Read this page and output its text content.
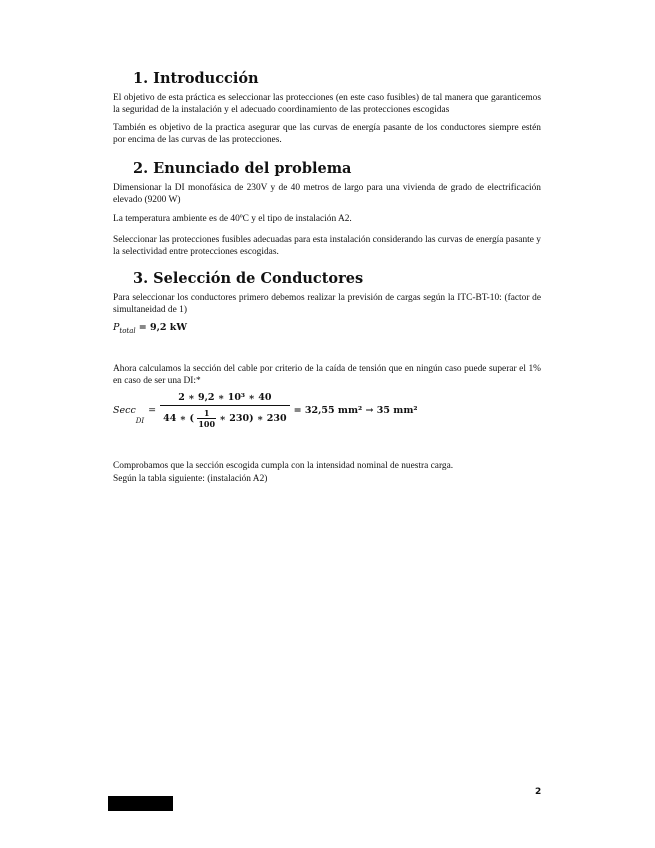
1. Introducción

El objetivo de esta práctica es seleccionar las protecciones (en este caso fusibles) de tal manera que garanticemos la seguridad de la instalación y el adecuado coordinamiento de las protecciones escogidas

También es objetivo de la practica asegurar que las curvas de energía pasante de los conductores siempre estén por encima de las curvas de las protecciones.

2. Enunciado del problema

Dimensionar la DI monofásica de 230V y de 40 metros de largo para una vivienda de grado de electrificación elevado (9200 W)

La temperatura ambiente es de 40ºC y el tipo de instalación A2.

Seleccionar las protecciones fusibles adecuadas para esta instalación considerando las curvas de energía pasante y la selectividad entre protecciones escogidas.

3. Selección de Conductores

Para seleccionar los conductores primero debemos realizar la previsión de cargas según la ITC-BT-10: (factor de simultaneidad de 1)

$P_{total} = 9,2$ kW

Ahora calculamos la sección del cable por criterio de la caída de tensión que en ningún caso puede superar el 1% en caso de ser una DI:*

Secc
DI
=
2 ∗ 9,2 ∗ 10³ ∗ 40
44 ∗ ( $\frac{1}{100}$ ∗ 230) ∗ 230
= 32,55 mm² → 35 mm²

Comprobamos que la sección escogida cumpla con la intensidad nominal de nuestra carga.

Según la tabla siguiente: (instalación A2)

2
